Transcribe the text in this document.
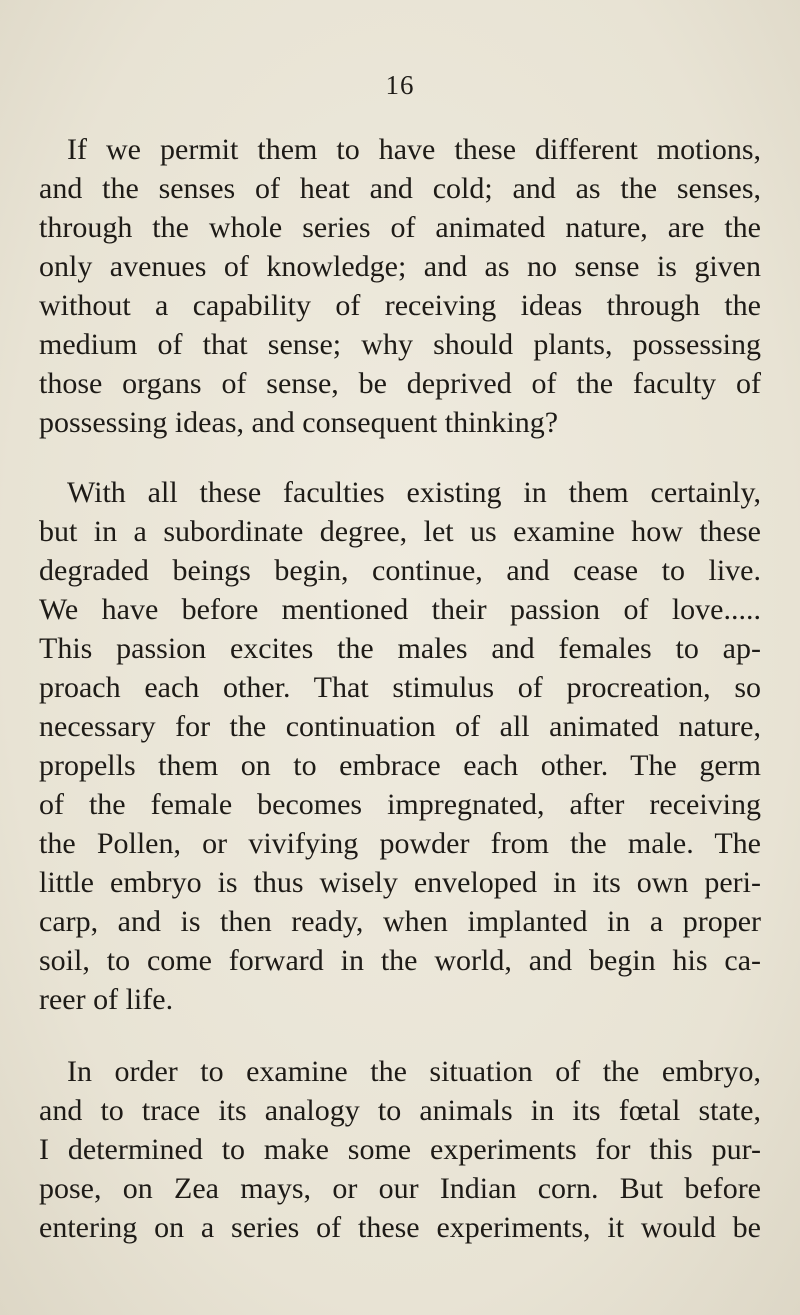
16
If we permit them to have these different motions,
and the senses of heat and cold; and as the senses,
through the whole series of animated nature, are the
only avenues of knowledge; and as no sense is given
without a capability of receiving ideas through the
medium of that sense; why should plants, possessing
those organs of sense, be deprived of the faculty of
possessing ideas, and consequent thinking?
With all these faculties existing in them certainly,
but in a subordinate degree, let us examine how these
degraded beings begin, continue, and cease to live.
We have before mentioned their passion of love.....
This passion excites the males and females to ap-
proach each other. That stimulus of procreation, so
necessary for the continuation of all animated nature,
propells them on to embrace each other. The germ
of the female becomes impregnated, after receiving
the Pollen, or vivifying powder from the male. The
little embryo is thus wisely enveloped in its own peri-
carp, and is then ready, when implanted in a proper
soil, to come forward in the world, and begin his ca-
reer of life.
In order to examine the situation of the embryo,
and to trace its analogy to animals in its fœtal state,
I determined to make some experiments for this pur-
pose, on Zea mays, or our Indian corn. But before
entering on a series of these experiments, it would be
